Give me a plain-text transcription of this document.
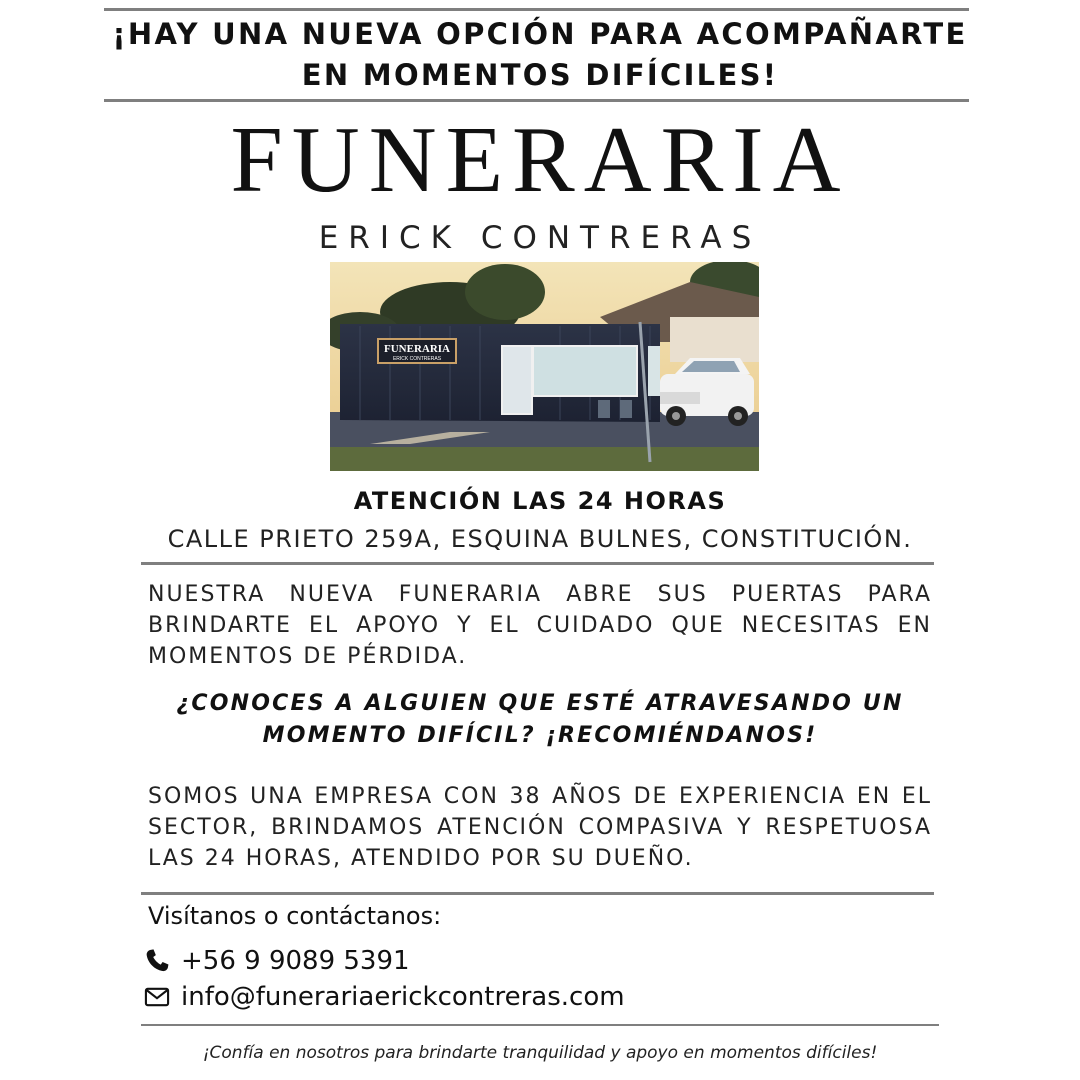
¡HAY UNA NUEVA OPCIÓN PARA ACOMPAÑARTE
EN MOMENTOS DIFÍCILES!
FUNERARIA
ERICK CONTRERAS
FUNERARIA
ERICK CONTRERAS
ATENCIÓN LAS 24 HORAS
CALLE PRIETO 259A, ESQUINA BULNES, CONSTITUCIÓN.
NUESTRA NUEVA FUNERARIA ABRE SUS PUERTAS PARA BRINDARTE EL APOYO Y EL CUIDADO QUE NECESITAS EN MOMENTOS DE PÉRDIDA.
¿CONOCES A ALGUIEN QUE ESTÉ ATRAVESANDO UN
MOMENTO DIFÍCIL? ¡RECOMIÉNDANOS!
SOMOS UNA EMPRESA CON 38 AÑOS DE EXPERIENCIA EN EL SECTOR, BRINDAMOS ATENCIÓN COMPASIVA Y RESPETUOSA LAS 24 HORAS, ATENDIDO POR SU DUEÑO.
Visítanos o contáctanos:
+56 9 9089 5391
info@funerariaerickcontreras.com
¡Confía en nosotros para brindarte tranquilidad y apoyo en momentos difíciles!
